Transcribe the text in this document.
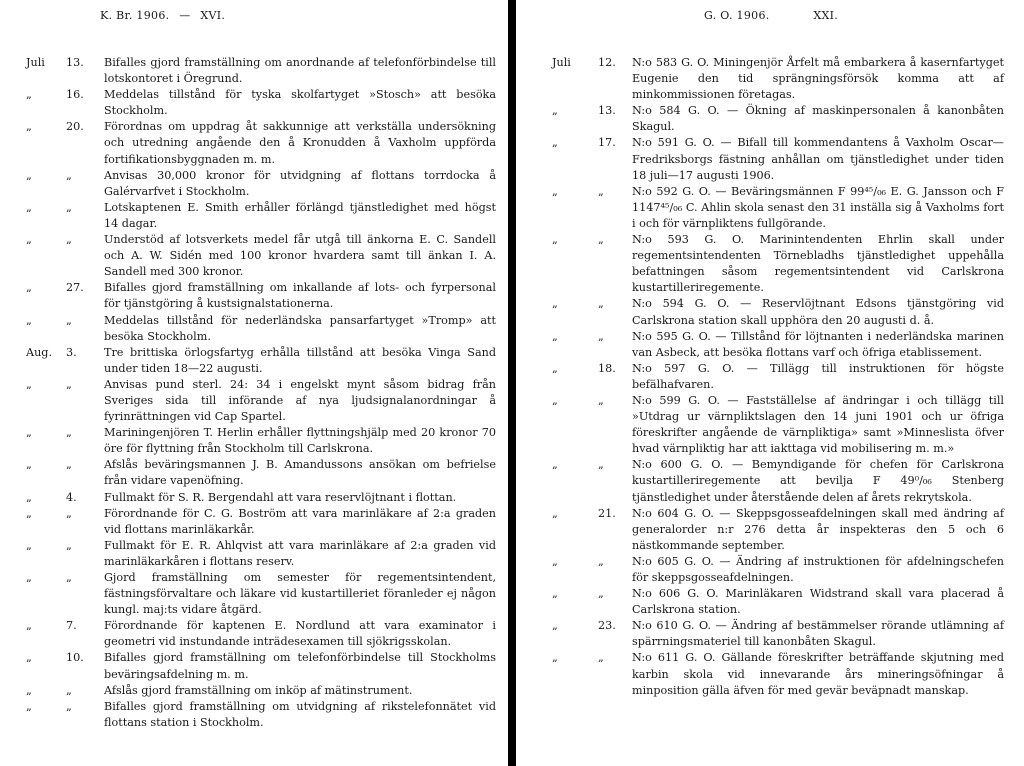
K. Br. 1906. — XVI.
Juli	13.	Bifalles gjord framställning om anordnande af telefonförbindelse till lotskontoret i Öregrund.
„	16.	Meddelas tillstånd för tyska skolfartyget »Stosch» att besöka Stockholm.
„	20.	Förordnas om uppdrag åt sakkunnige att verkställa undersökning och utredning angående den å Kronudden å Vaxholm uppförda fortifikationsbyggnaden m. m.
„	„	Anvisas 30,000 kronor för utvidgning af flottans torrdocka å Galérvarfvet i Stockholm.
„	„	Lotskaptenen E. Smith erhåller förlängd tjänstledighet med högst 14 dagar.
„	„	Understöd af lotsverkets medel får utgå till änkorna E. C. Sandell och A. W. Sidén med 100 kronor hvardera samt till änkan I. A. Sandell med 300 kronor.
„	27.	Bifalles gjord framställning om inkallande af lots- och fyrpersonal för tjänstgöring å kustsignalstationerna.
„	„	Meddelas tillstånd för nederländska pansarfartyget »Tromp» att besöka Stockholm.
Aug.	3.	Tre brittiska örlogsfartyg erhålla tillstånd att besöka Vinga Sand under tiden 18—22 augusti.
„	„	Anvisas pund sterl. 24: 34 i engelskt mynt såsom bidrag från Sveriges sida till införande af nya ljudsignalanordningar å fyrinrättningen vid Cap Spartel.
„	„	Mariningenjören T. Herlin erhåller flyttningshjälp med 20 kronor 70 öre för flyttning från Stockholm till Carlskrona.
„	„	Afslås beväringsmannen J. B. Amandussons ansökan om befrielse från vidare vapenöfning.
„	4.	Fullmakt för S. R. Bergendahl att vara reservlöjtnant i flottan.
„	„	Förordnande för C. G. Boström att vara marinläkare af 2:a graden vid flottans marinläkarkår.
„	„	Fullmakt för E. R. Ahlqvist att vara marinläkare af 2:a graden vid marinläkarkåren i flottans reserv.
„	„	Gjord framställning om semester för regementsintendent, fästningsförvaltare och läkare vid kustartilleriet föranleder ej någon kungl. maj:ts vidare åtgärd.
„	7.	Förordnande för kaptenen E. Nordlund att vara examinator i geometri vid instundande inträdesexamen till sjökrigsskolan.
„	10.	Bifalles gjord framställning om telefonförbindelse till Stockholms beväringsafdelning m. m.
„	„	Afslås gjord framställning om inköp af mätinstrument.
„	„	Bifalles gjord framställning om utvidgning af rikstelefonnätet vid flottans station i Stockholm.
G. O. 1906.	XXI.
Juli	12.	N:o 583 G. O. Miningenjör Årfelt må embarkera å kasernfartyget Eugenie den tid sprängningsförsök komma att af minkommissionen företagas.
„	13.	N:o 584 G. O. — Ökning af maskinpersonalen å kanonbåten Skagul.
„	17.	N:o 591 G. O. — Bifall till kommendantens å Vaxholm Oscar—Fredriksborgs fästning anhållan om tjänstledighet under tiden 18 juli—17 augusti 1906.
„	„	N:o 592 G. O. — Beväringsmännen F 99⁴⁵/₀₆ E. G. Jansson och F 1147⁴⁵/₀₆ C. Ahlin skola senast den 31 inställa sig å Vaxholms fort i och för värnpliktens fullgörande.
„	„	N:o 593 G. O. Marinintendenten Ehrlin skall under regementsintendenten Törnebladhs tjänstledighet uppehålla befattningen såsom regementsintendent vid Carlskrona kustartilleriregemente.
„	„	N:o 594 G. O. — Reservlöjtnant Edsons tjänstgöring vid Carlskrona station skall upphöra den 20 augusti d. å.
„	„	N:o 595 G. O. — Tillstånd för löjtnanten i nederländska marinen van Asbeck, att besöka flottans varf och öfriga etablissement.
„	18.	N:o 597 G. O. — Tillägg till instruktionen för högste befälhafvaren.
„	„	N:o 599 G. O. — Fastställelse af ändringar i och tillägg till »Utdrag ur värnpliktslagen den 14 juni 1901 och ur öfriga föreskrifter angående de värnpliktiga» samt »Minneslista öfver hvad värnpliktig har att iakttaga vid mobilisering m. m.»
„	„	N:o 600 G. O. — Bemyndigande för chefen för Carlskrona kustartilleriregemente att bevilja F 49⁰/₀₆ Stenberg tjänstledighet under återstående delen af årets rekrytskola.
„	21.	N:o 604 G. O. — Skeppsgosseafdelningen skall med ändring af generalorder n:r 276 detta år inspekteras den 5 och 6 nästkommande september.
„	„	N:o 605 G. O. — Ändring af instruktionen för afdelningschefen för skeppsgosseafdelningen.
„	„	N:o 606 G. O. Marinläkaren Widstrand skall vara placerad å Carlskrona station.
„	23.	N:o 610 G. O. — Ändring af bestämmelser rörande utlämning af spärrningsmateriel till kanonbåten Skagul.
„	„	N:o 611 G. O. Gällande föreskrifter beträffande skjutning med karbin skola vid innevarande års mineringsöfningar å minposition gälla äfven för med gevär beväpnadt manskap.
